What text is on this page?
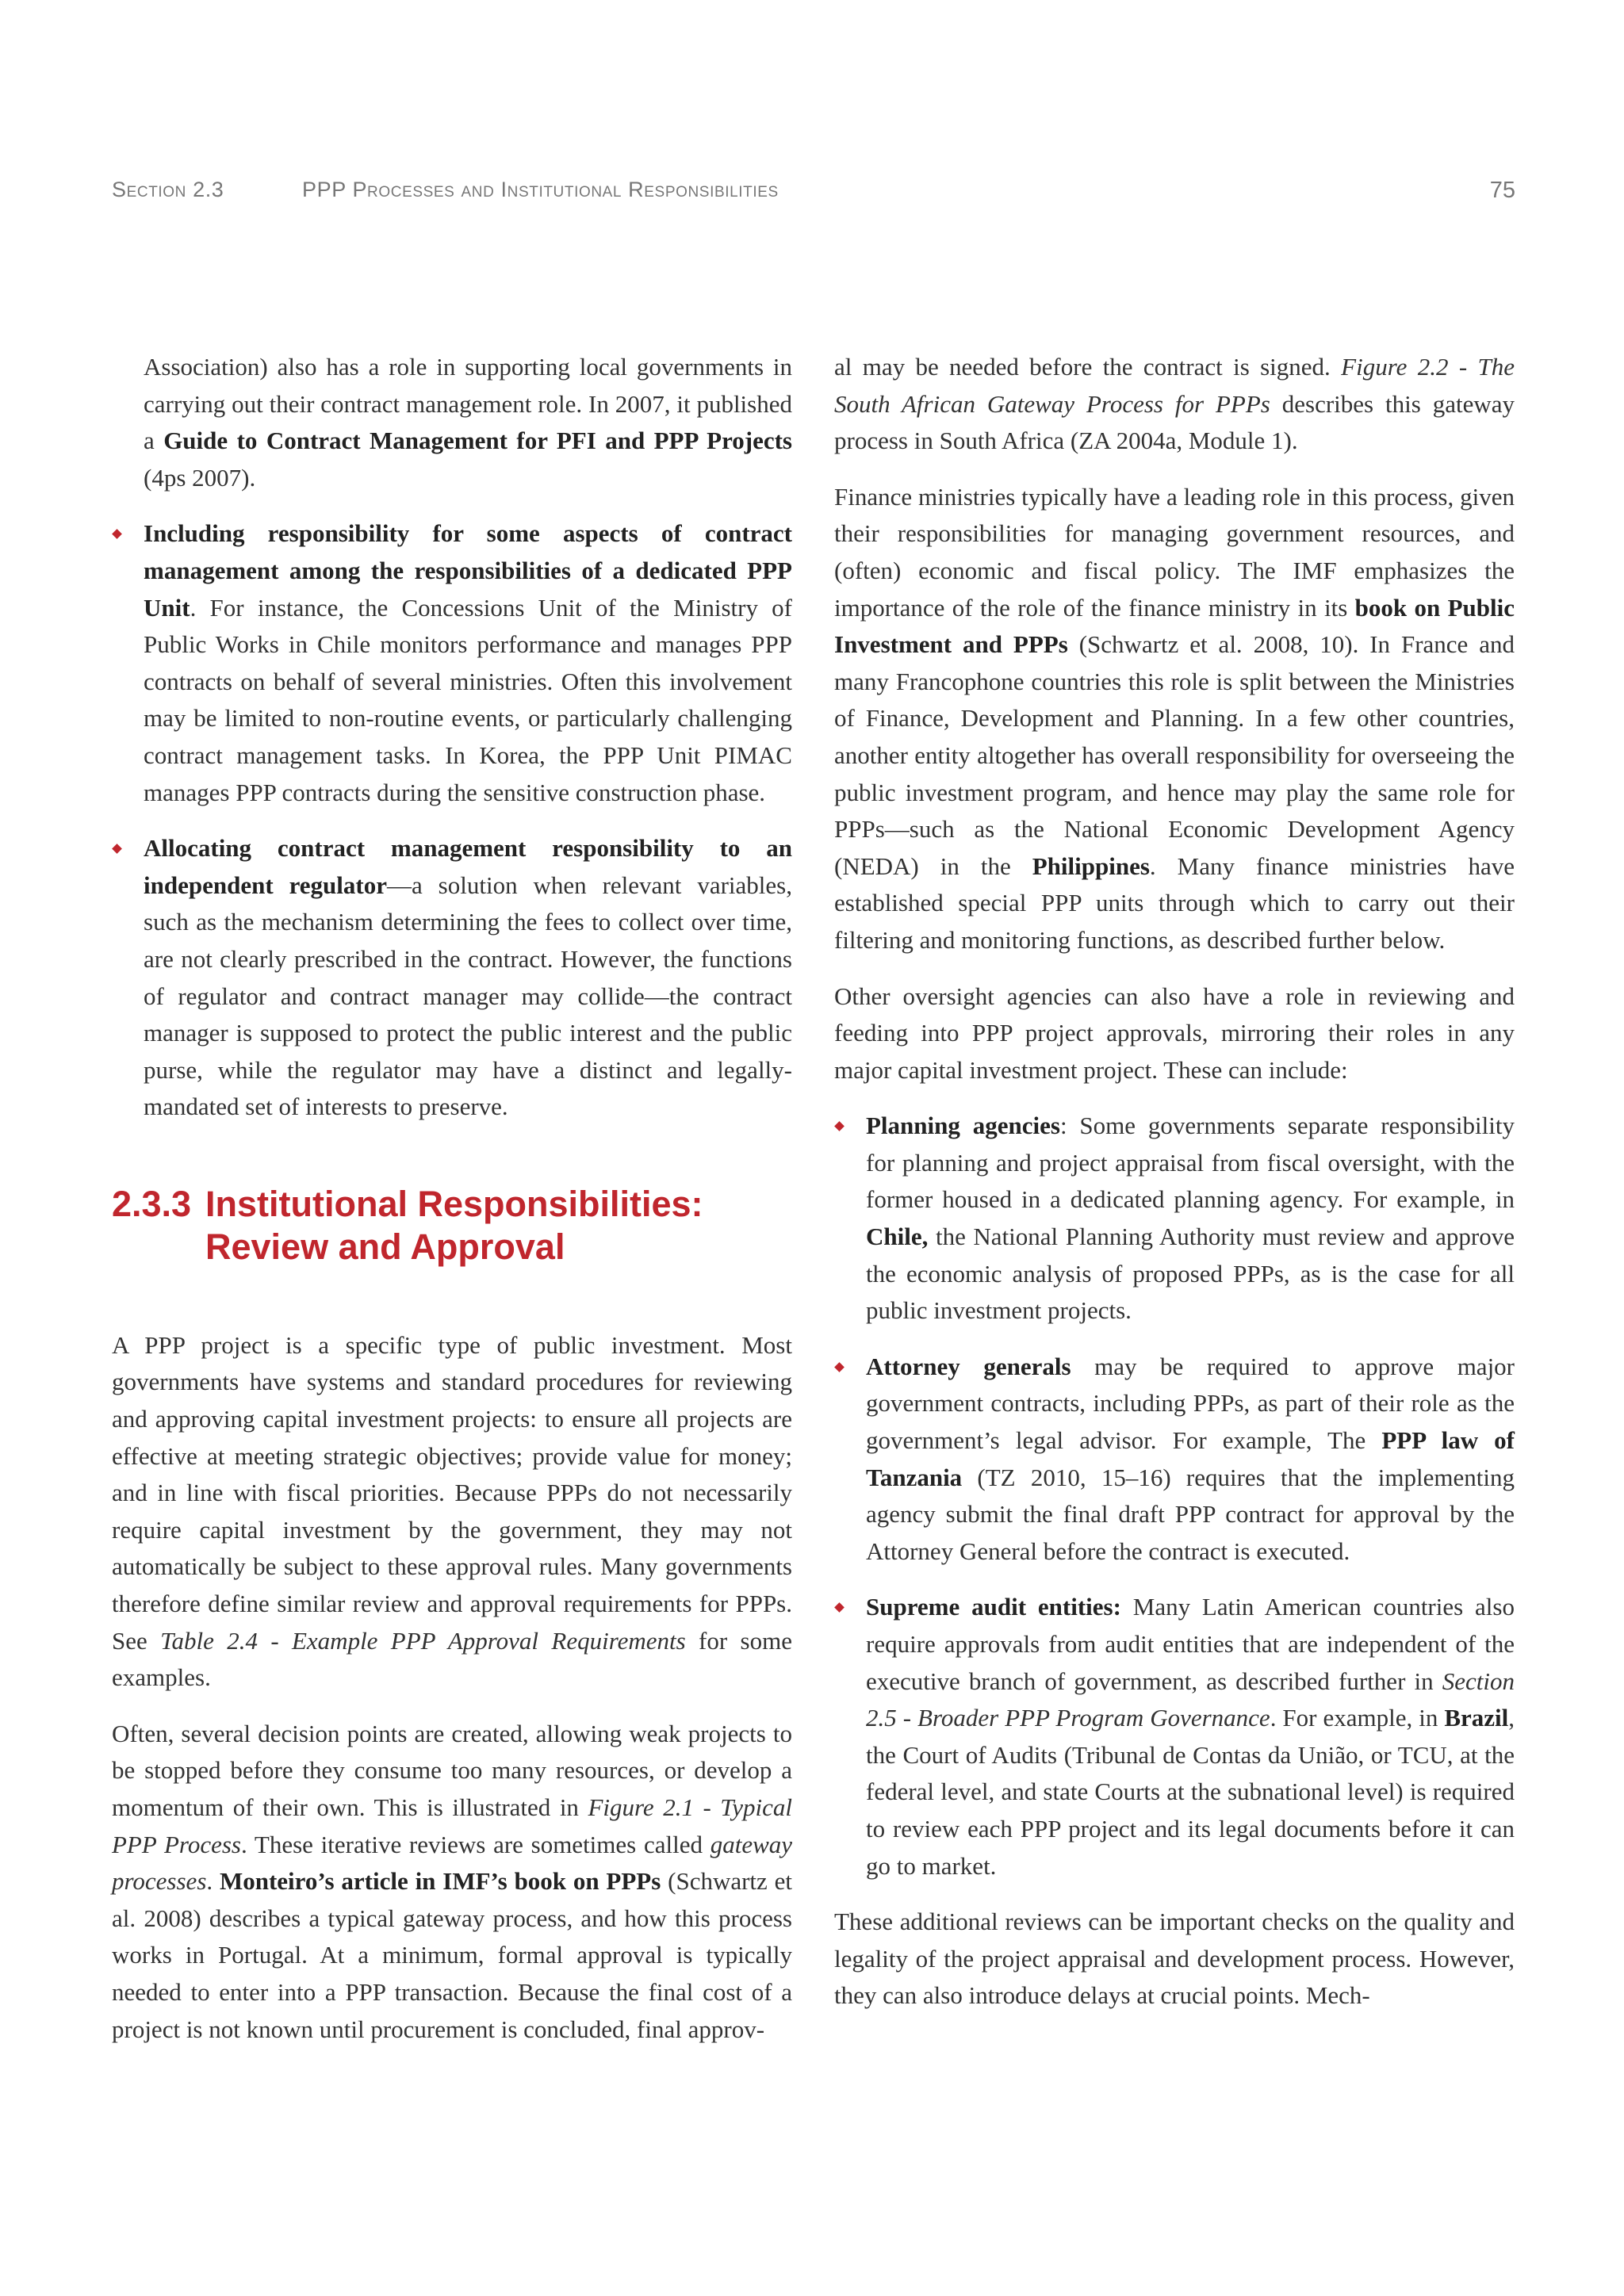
Section 2.3	PPP Processes and Institutional Responsibilities	75

Association) also has a role in supporting local governments in carrying out their contract management role. In 2007, it published a Guide to Contract Management for PFI and PPP Projects (4ps 2007).

Including responsibility for some aspects of contract management among the responsibilities of a dedicated PPP Unit. For instance, the Concessions Unit of the Ministry of Public Works in Chile monitors performance and manages PPP contracts on behalf of several ministries. Often this involvement may be limited to non-routine events, or particularly challenging contract management tasks. In Korea, the PPP Unit PIMAC manages PPP contracts during the sensitive construction phase.
Allocating contract management responsibility to an independent regulator—a solution when relevant variables, such as the mechanism determining the fees to collect over time, are not clearly prescribed in the contract. However, the functions of regulator and contract manager may collide—the contract manager is supposed to protect the public interest and the public purse, while the regulator may have a distinct and legally-mandated set of interests to preserve.
2.3.3 Institutional Responsibilities:
Review and Approval

A PPP project is a specific type of public investment. Most governments have systems and standard procedures for reviewing and approving capital investment projects: to ensure all projects are effective at meeting strategic objectives; provide value for money; and in line with fiscal priorities. Because PPPs do not necessarily require capital investment by the government, they may not automatically be subject to these approval rules. Many governments therefore define similar review and approval requirements for PPPs. See Table 2.4 - Example PPP Approval Requirements for some examples.

Often, several decision points are created, allowing weak projects to be stopped before they consume too many resources, or develop a momentum of their own. This is illustrated in Figure 2.1 - Typical PPP Process. These iterative reviews are sometimes called gateway processes. Monteiro’s article in IMF’s book on PPPs (Schwartz et al. 2008) describes a typical gateway process, and how this process works in Portugal. At a minimum, formal approval is typically needed to enter into a PPP transaction. Because the final cost of a project is not known until procurement is concluded, final approv-

al may be needed before the contract is signed. Figure 2.2 - The South African Gateway Process for PPPs describes this gateway process in South Africa (ZA 2004a, Module 1).

Finance ministries typically have a leading role in this process, given their responsibilities for managing government resources, and (often) economic and fiscal policy. The IMF emphasizes the importance of the role of the finance ministry in its book on Public Investment and PPPs (Schwartz et al. 2008, 10). In France and many Francophone countries this role is split between the Ministries of Finance, Development and Planning. In a few other countries, another entity altogether has overall responsibility for overseeing the public investment program, and hence may play the same role for PPPs—such as the National Economic Development Agency (NEDA) in the Philippines. Many finance ministries have established special PPP units through which to carry out their filtering and monitoring functions, as described further below.

Other oversight agencies can also have a role in reviewing and feeding into PPP project approvals, mirroring their roles in any major capital investment project. These can include:

Planning agencies: Some governments separate responsibility for planning and project appraisal from fiscal oversight, with the former housed in a dedicated planning agency. For example, in Chile, the National Planning Authority must review and approve the economic analysis of proposed PPPs, as is the case for all public investment projects.
Attorney generals may be required to approve major government contracts, including PPPs, as part of their role as the government’s legal advisor. For example, The PPP law of Tanzania (TZ 2010, 15–16) requires that the implementing agency submit the final draft PPP contract for approval by the Attorney General before the contract is executed.
Supreme audit entities: Many Latin American countries also require approvals from audit entities that are independent of the executive branch of government, as described further in Section 2.5 - Broader PPP Program Governance. For example, in Brazil, the Court of Audits (Tribunal de Contas da União, or TCU, at the federal level, and state Courts at the subnational level) is required to review each PPP project and its legal documents before it can go to market.

These additional reviews can be important checks on the quality and legality of the project appraisal and development process. However, they can also introduce delays at crucial points. Mech-
